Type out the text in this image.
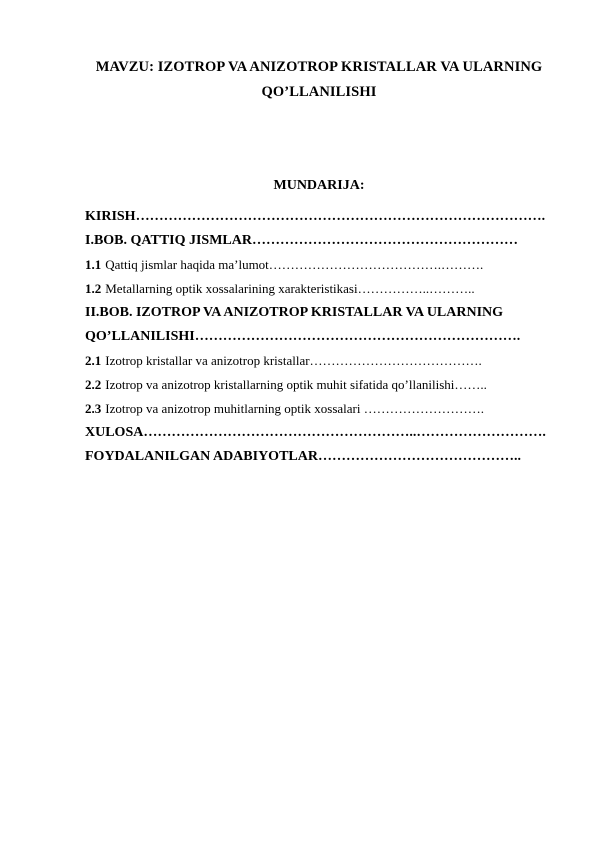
MAVZU: IZOTROP VA ANIZOTROP KRISTALLAR VA ULARNING
QO’LLANILISHI
MUNDARIJA:
KIRISH…………………………………………………………………………….
I.BOB. QATTIQ JISMLAR…………………………………………………
1.1 Qattiq jismlar haqida ma’lumot………………………………….……….
1.2 Metallarning optik xossalarining xarakteristikasi……………..………..
II.BOB. IZOTROP VA ANIZOTROP KRISTALLAR VA ULARNING
QO’LLANILISHI…………………………………………………………….
2.1 Izotrop kristallar va anizotrop kristallar………………………………….
2.2 Izotrop va anizotrop kristallarning optik muhit sifatida qo’llanilishi……..
2.3 Izotrop va anizotrop muhitlarning optik xossalari ……………………….
XULOSA…………………………………………………..……………………….
FOYDALANILGAN ADABIYOTLAR……………………………………..
